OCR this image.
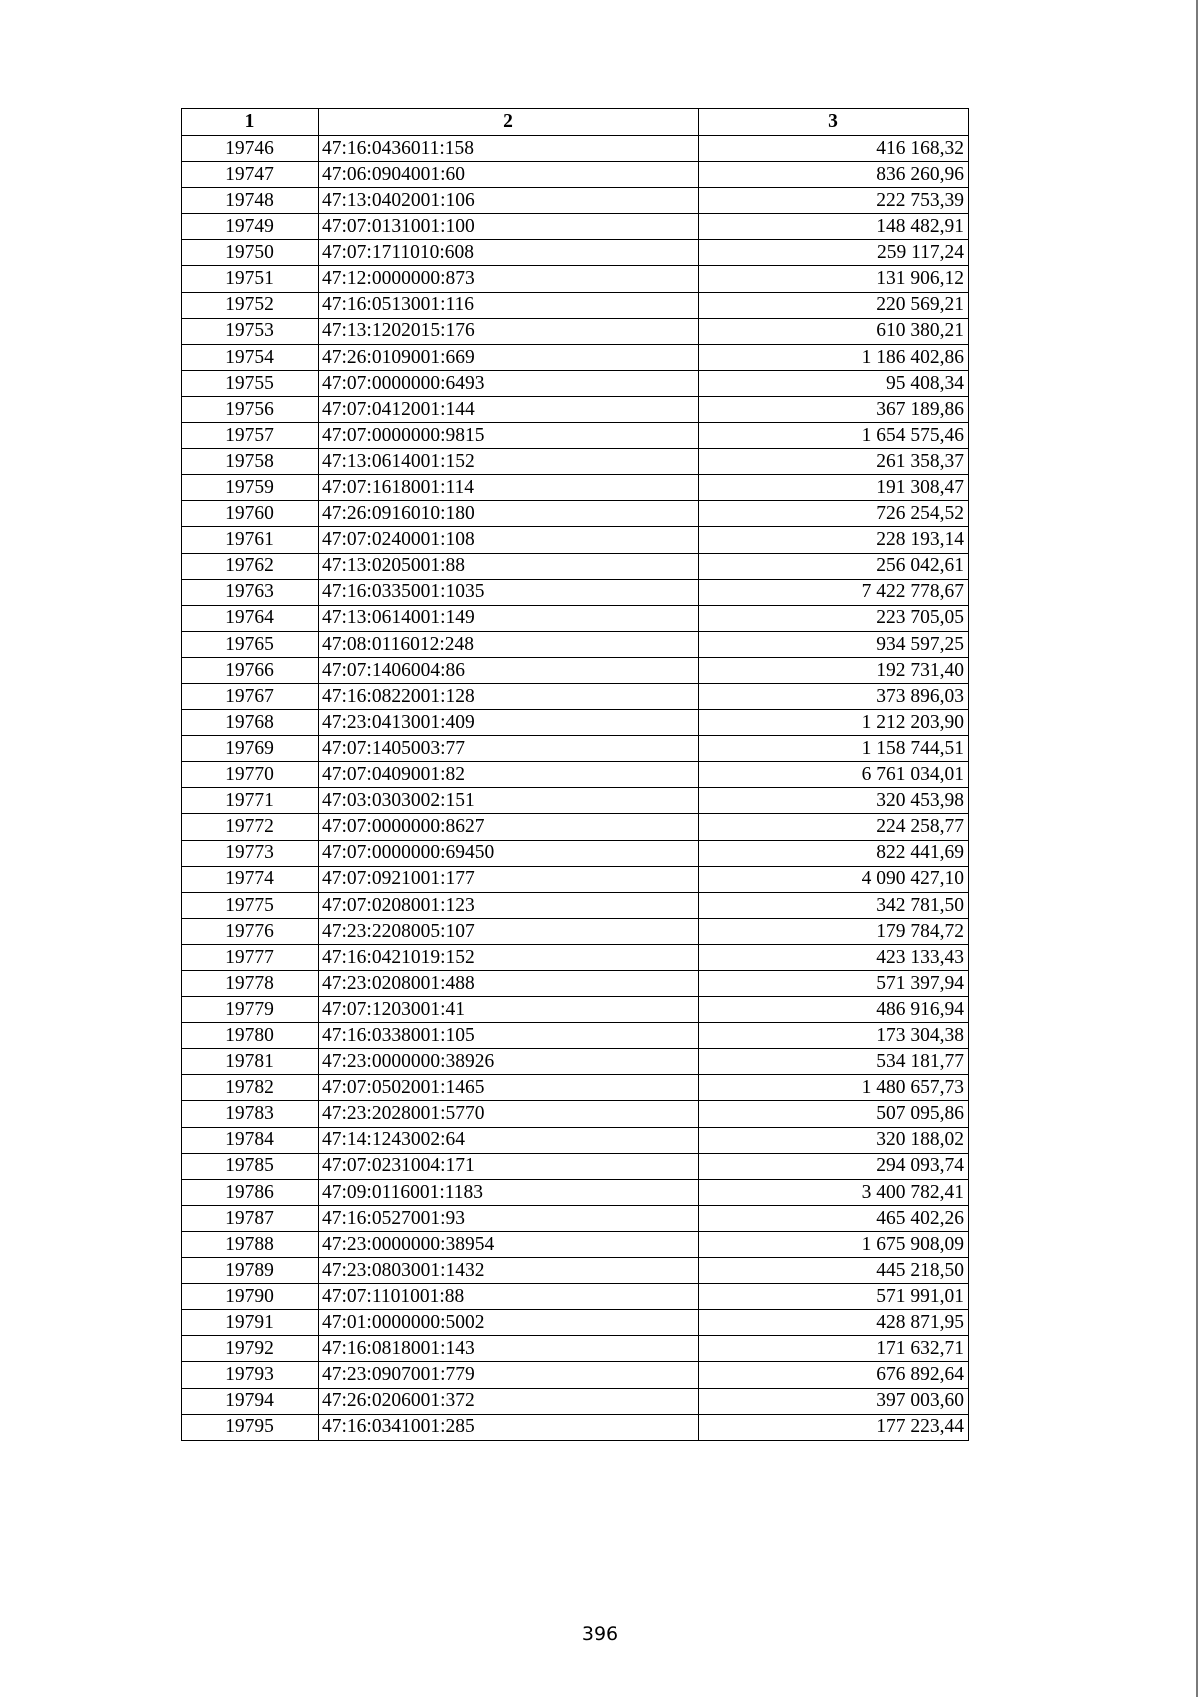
1	2	3
19746	47:16:0436011:158	416 168,32
19747	47:06:0904001:60	836 260,96
19748	47:13:0402001:106	222 753,39
19749	47:07:0131001:100	148 482,91
19750	47:07:1711010:608	259 117,24
19751	47:12:0000000:873	131 906,12
19752	47:16:0513001:116	220 569,21
19753	47:13:1202015:176	610 380,21
19754	47:26:0109001:669	1 186 402,86
19755	47:07:0000000:6493	95 408,34
19756	47:07:0412001:144	367 189,86
19757	47:07:0000000:9815	1 654 575,46
19758	47:13:0614001:152	261 358,37
19759	47:07:1618001:114	191 308,47
19760	47:26:0916010:180	726 254,52
19761	47:07:0240001:108	228 193,14
19762	47:13:0205001:88	256 042,61
19763	47:16:0335001:1035	7 422 778,67
19764	47:13:0614001:149	223 705,05
19765	47:08:0116012:248	934 597,25
19766	47:07:1406004:86	192 731,40
19767	47:16:0822001:128	373 896,03
19768	47:23:0413001:409	1 212 203,90
19769	47:07:1405003:77	1 158 744,51
19770	47:07:0409001:82	6 761 034,01
19771	47:03:0303002:151	320 453,98
19772	47:07:0000000:8627	224 258,77
19773	47:07:0000000:69450	822 441,69
19774	47:07:0921001:177	4 090 427,10
19775	47:07:0208001:123	342 781,50
19776	47:23:2208005:107	179 784,72
19777	47:16:0421019:152	423 133,43
19778	47:23:0208001:488	571 397,94
19779	47:07:1203001:41	486 916,94
19780	47:16:0338001:105	173 304,38
19781	47:23:0000000:38926	534 181,77
19782	47:07:0502001:1465	1 480 657,73
19783	47:23:2028001:5770	507 095,86
19784	47:14:1243002:64	320 188,02
19785	47:07:0231004:171	294 093,74
19786	47:09:0116001:1183	3 400 782,41
19787	47:16:0527001:93	465 402,26
19788	47:23:0000000:38954	1 675 908,09
19789	47:23:0803001:1432	445 218,50
19790	47:07:1101001:88	571 991,01
19791	47:01:0000000:5002	428 871,95
19792	47:16:0818001:143	171 632,71
19793	47:23:0907001:779	676 892,64
19794	47:26:0206001:372	397 003,60
19795	47:16:0341001:285	177 223,44
396
